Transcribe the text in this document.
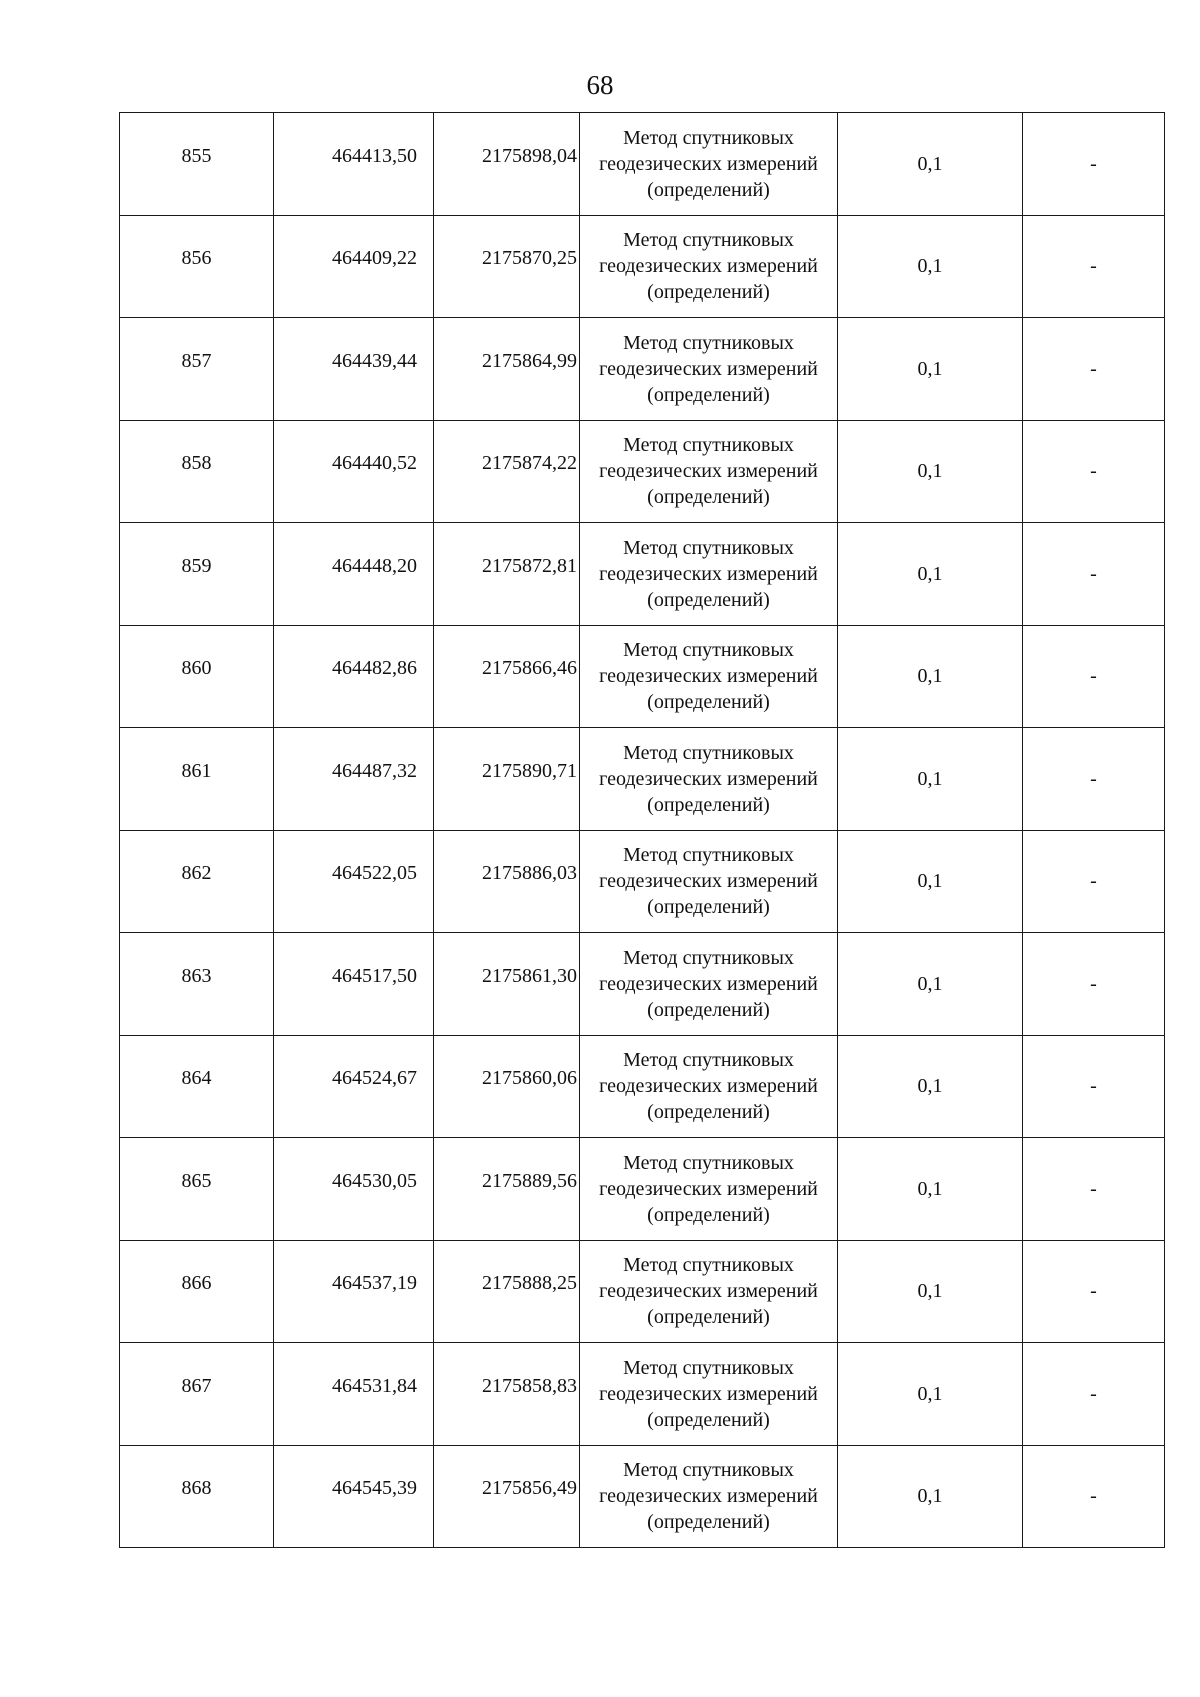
68
855	464413,50	2175898,04	Метод спутниковых
геодезических измерений
(определений)	0,1	-
856	464409,22	2175870,25	Метод спутниковых
геодезических измерений
(определений)	0,1	-
857	464439,44	2175864,99	Метод спутниковых
геодезических измерений
(определений)	0,1	-
858	464440,52	2175874,22	Метод спутниковых
геодезических измерений
(определений)	0,1	-
859	464448,20	2175872,81	Метод спутниковых
геодезических измерений
(определений)	0,1	-
860	464482,86	2175866,46	Метод спутниковых
геодезических измерений
(определений)	0,1	-
861	464487,32	2175890,71	Метод спутниковых
геодезических измерений
(определений)	0,1	-
862	464522,05	2175886,03	Метод спутниковых
геодезических измерений
(определений)	0,1	-
863	464517,50	2175861,30	Метод спутниковых
геодезических измерений
(определений)	0,1	-
864	464524,67	2175860,06	Метод спутниковых
геодезических измерений
(определений)	0,1	-
865	464530,05	2175889,56	Метод спутниковых
геодезических измерений
(определений)	0,1	-
866	464537,19	2175888,25	Метод спутниковых
геодезических измерений
(определений)	0,1	-
867	464531,84	2175858,83	Метод спутниковых
геодезических измерений
(определений)	0,1	-
868	464545,39	2175856,49	Метод спутниковых
геодезических измерений
(определений)	0,1	-
